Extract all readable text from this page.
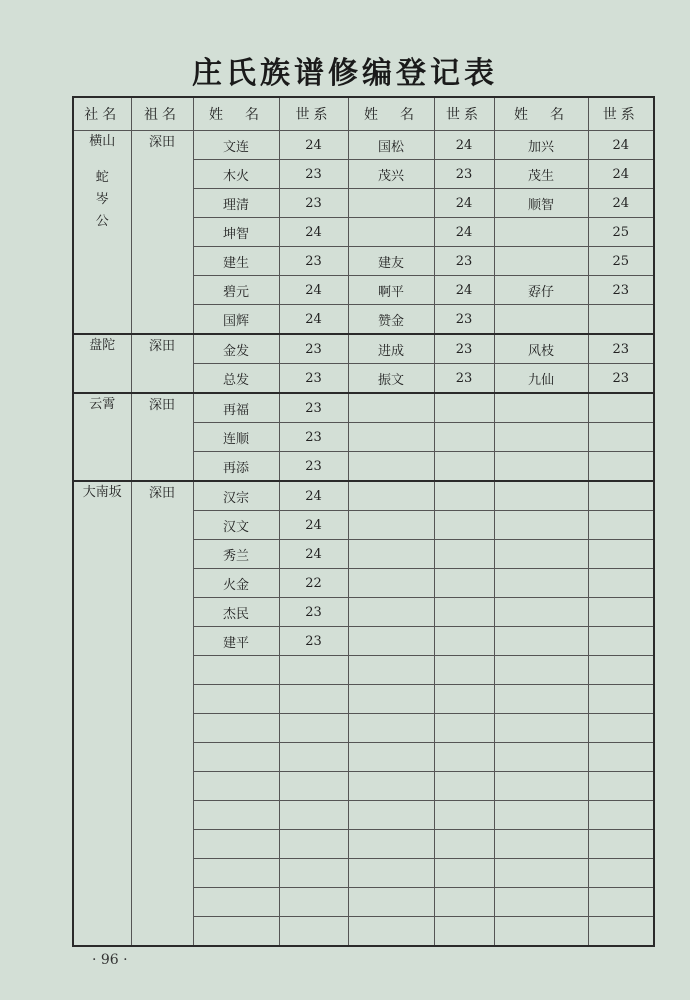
庄氏族谱修编登记表
社名	祖名	姓　名	世系	姓　名	世系	姓　名	世系

横山
蛇岑公	深田	文连	24	国松	24	加兴	24
		木火	23	茂兴	23	茂生	24
		理清	23		24	顺智	24
		坤智	24		24		25
		建生	23	建友	23		25
		碧元	24	啊平	24	孬仔	23
		国辉	24	赞金	23		

盘陀	深田	金发	23	进成	23	风枝	23
		总发	23	振文	23	九仙	23

云霄	深田	再福	23				
		连顺	23				
		再添	23				

大南坂	深田	汉宗	24				
		汉文	24				
		秀兰	24				
		火金	22				
		杰民	23				
		建平	23				

· 96 ·
